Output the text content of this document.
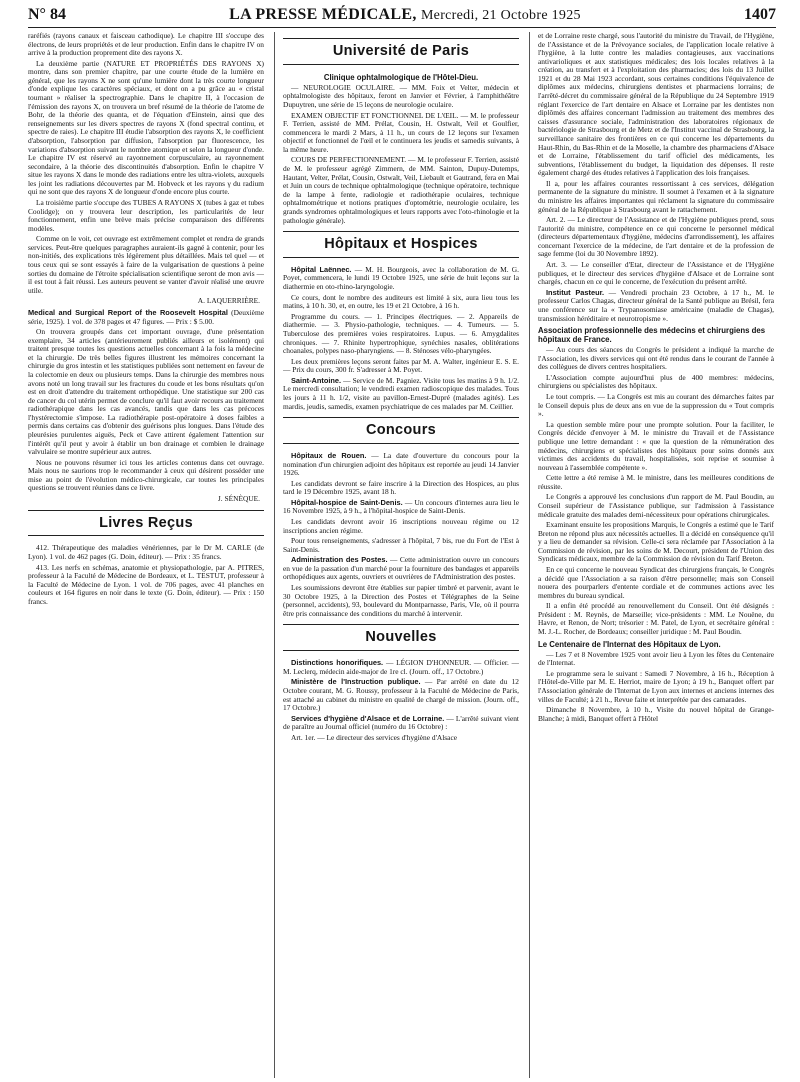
N° 84	LA PRESSE MÉDICALE, Mercredi, 21 Octobre 1925	1407

raréfiés (rayons canaux et faisceau cathodique). Le chapitre III s'occupe des électrons, de leurs propriétés et de leur production. Enfin dans le chapitre IV on arrive à la production proprement dite des rayons X.

La deuxième partie (NATURE ET PROPRIÉTÉS DES RAYONS X) montre, dans son premier chapitre, par une courte étude de la lumière en général, que les rayons X ne sont qu'une lumière dont la très courte longueur d'onde explique les caractères spéciaux, et dont on a pu grâce au « cristal tournant » réaliser la spectrographie. Dans le chapitre II, à l'occasion de l'émission des rayons X, on trouvera un bref résumé de la théorie de l'atome de Bohr, de la théorie des quanta, et de l'équation d'Einstein, ainsi que des renseignements sur les divers spectres de rayons X (fond spectral continu, et spectre de raies). Le chapitre III étudie l'absorption des rayons X, le coefficient d'absorption, l'absorption par diffusion, l'absorption par fluorescence, les variations d'absorption suivant le nombre atomique et selon la longueur d'onde. Le chapitre IV est réservé au rayonnement corpusculaire, au rayonnement secondaire, à la théorie des discontinuités d'absorption. Enfin le chapitre V situe les rayons X dans le monde des radiations entre les ultra-violets, auxquels les joint les radiations découvertes par M. Hobveck et les rayons γ du radium qui ne sont que des rayons X de longueur d'onde encore plus courte.

La troisième partie s'occupe des TUBES A RAYONS X (tubes à gaz et tubes Coolidge); on y trouvera leur description, les particularités de leur fonctionnement, enfin une brève mais précise comparaison des différents modèles.

Comme on le voit, cet ouvrage est extrêmement complet et rendra de grands services. Peut-être quelques paragraphes auraient-ils gagné à contenir, pour les non-initiés, des explications très légèrement plus détaillées. Mais tel quel — et tous ceux qui se sont essayés à faire de la vulgarisation de questions à peine sorties du domaine de l'étroite spécialisation scientifique seront de mon avis — il est tout à fait réussi. Les auteurs peuvent se vanter d'avoir réalisé une œuvre utile.

A. LAQUERRIÈRE.

Medical and Surgical Report of the Roosevelt Hospital (Deuxième série, 1925). 1 vol. de 378 pages et 47 figures. — Prix : $ 5.00.

On trouvera groupés dans cet important ouvrage, d'une présentation exemplaire, 34 articles (antérieurement publiés ailleurs et isolément) qui traitent presque toutes les questions actuelles concernant à la fois la médecine et la chirurgie. De très belles figures illustrent les mémoires concernant la chirurgie du gros intestin et les statistiques publiées sont nettement en faveur de la colectomie en deux ou plusieurs temps. Dans la chirurgie des membres nous avons noté un long travail sur les fractures du coude et les bons résultats qu'on est en droit d'attendre du traitement orthopédique. Une statistique sur 200 cas de cancer du col utérin permet de conclure qu'il faut avoir recours au traitement radiothérapique dans les cas avancés, tandis que dans les cas précoces l'hystérectomie s'impose. La radiothérapie post-opératoire à doses faibles a permis dans certains cas d'obtenir des guérisons plus longues. Dans l'étude des pleurésies purulentes aiguës, Peck et Cave attirent également l'attention sur l'intérêt qu'il peut y avoir à établir un bon drainage et combien le drainage valvulaire se montre supérieur aux autres.

Nous ne pouvons résumer ici tous les articles contenus dans cet ouvrage. Mais nous ne saurions trop le recommander à ceux qui désirent posséder une mise au point de l'évolution médico-chirurgicale, car toutes les principales questions se trouvent réunies dans ce livre.

J. SÉNÈQUE.
Livres Reçus

412. Thérapeutique des maladies vénériennes, par le Dr M. CARLE (de Lyon). 1 vol. de 462 pages (G. Doin, éditeur). — Prix : 35 francs.

413. Les nerfs en schémas, anatomie et physiopathologie, par A. PITRES, professeur à la Faculté de Médecine de Bordeaux, et L. TESTUT, professeur à la Faculté de Médecine de Lyon. 1 vol. de 706 pages, avec 41 planches en couleurs et 164 figures en noir dans le texte (G. Doin, éditeur). — Prix : 150 francs.

Université de Paris
Clinique ophtalmologique de l'Hôtel-Dieu.

— NEUROLOGIE OCULAIRE. — MM. Foix et Velter, médecin et ophtalmologiste des hôpitaux, feront en Janvier et Février, à l'amphithéâtre Dupuytren, une série de 15 leçons de neurologie oculaire.

EXAMEN OBJECTIF ET FONCTIONNEL DE L'ŒIL. — M. le professeur F. Terrien, assisté de MM. Prélat, Cousin, H. Ostwalt, Veil et Goulfier, commencera le mardi 2 Mars, à 11 h., un cours de 12 leçons sur l'examen objectif et fonctionnel de l'œil et le continuera les jeudis et samedis suivants, à la même heure.

COURS DE PERFECTIONNEMENT. — M. le professeur F. Terrien, assisté de M. le professeur agrégé Zimmern, de MM. Sainton, Dupuy-Dutemps, Hautant, Velter, Prélat, Cousin, Ostwalt, Veil, Liebault et Gautrand, fera en Mai et Juin un cours de technique ophtalmologique (technique opératoire, technique de la lampe à fente, radiologie et radiothérapie oculaires, technique ophtalmométrique et notions pratiques d'optométrie, neurologie oculaire, les grands syndromes ophtalmologiques et leurs rapports avec l'oto-rhinologie et la pathologie générale).

Hôpitaux et Hospices

Hôpital Laënnec. — M. H. Bourgeois, avec la collaboration de M. G. Poyet, commencera, le lundi 19 Octobre 1925, une série de huit leçons sur la diathermie en oto-rhino-laryngologie.

Ce cours, dont le nombre des auditeurs est limité à six, aura lieu tous les matins, à 10 h. 30, et, en outre, les 19 et 21 Octobre, à 16 h.

Programme du cours. — 1. Principes électriques. — 2. Appareils de diathermie. — 3. Physio-pathologie, techniques. — 4. Tumeurs. — 5. Tuberculose des premières voies respiratoires. Lupus. — 6. Amygdalites chroniques. — 7. Rhinite hypertrophique, synéchies nasales, oblitérations choanales, polypes naso-pharyngiens. — 8. Sténoses vélo-pharyngées.

Les deux premières leçons seront faites par M. A. Walter, ingénieur E. S. E. — Prix du cours, 300 fr. S'adresser à M. Poyet.

Saint-Antoine. — Service de M. Pagniez. Visite tous les matins à 9 h. 1/2. Le mercredi consultation; le vendredi examen radioscopique des malades. Tous les jours à 11 h. 1/2, visite au pavillon-Ernest-Dupré (malades agités). Les mardis, jeudis, samedis, examen psychiatrique de ces malades par M. Ceillier.

Concours

Hôpitaux de Rouen. — La date d'ouverture du concours pour la nomination d'un chirurgien adjoint des hôpitaux est reportée au jeudi 14 Janvier 1926.

Les candidats devront se faire inscrire à la Direction des Hospices, au plus tard le 19 Décembre 1925, avant 18 h.

Hôpital-hospice de Saint-Denis. — Un concours d'internes aura lieu le 16 Novembre 1925, à 9 h., à l'hôpital-hospice de Saint-Denis.

Les candidats devront avoir 16 inscriptions nouveau régime ou 12 inscriptions ancien régime.

Pour tous renseignements, s'adresser à l'hôpital, 7 bis, rue du Fort de l'Est à Saint-Denis.

Administration des Postes. — Cette administration ouvre un concours en vue de la passation d'un marché pour la fourniture des bandages et appareils orthopédiques aux agents, ouvriers et ouvrières de l'Administration des postes.

Les soumissions devront être établies sur papier timbré et parvenir, avant le 30 Octobre 1925, à la Direction des Postes et Télégraphes de la Seine (personnel, accidents), 93, boulevard du Montparnasse, Paris, VIe, où il pourra être pris connaissance des conditions du marché à intervenir.

Nouvelles

Distinctions honorifiques. — LÉGION D'HONNEUR. — Officier. — M. Leclerq, médecin aide-major de 1re cl. (Journ. off., 17 Octobre.)

Ministère de l'Instruction publique. — Par arrêté en date du 12 Octobre courant, M. G. Roussy, professeur à la Faculté de Médecine de Paris, est attaché au cabinet du ministre en qualité de chargé de mission. (Journ. off., 17 Octobre.)

Services d'hygiène d'Alsace et de Lorraine. — L'arrêté suivant vient de paraître au Journal officiel (numéro du 16 Octobre) :

Art. 1er. — Le directeur des services d'hygiène d'Alsace

et de Lorraine reste chargé, sous l'autorité du ministre du Travail, de l'Hygiène, de l'Assistance et de la Prévoyance sociales, de l'application locale relative à l'hygiène, à la lutte contre les maladies contagieuses, aux vaccinations antivarioliques et aux statistiques médicales; des lois locales relatives à la création, au transfert et à l'exploitation des pharmacies; des lois du 13 Juillet 1921 et du 28 Mai 1923 accordant, sous certaines conditions l'équivalence de diplômes aux médecins, chirurgiens dentistes et pharmaciens lorrains; de l'arrêté-décret du commissaire général de la République du 24 Septembre 1919 réglant l'exercice de l'art dentaire en Alsace et Lorraine par les dentistes non diplômés des affaires concernant l'admission au traitement des membres des caisses d'assurance sociale, l'administration des laboratoires régionaux de bactériologie de Strasbourg et de Metz et de l'Institut vaccinal de Strasbourg, la surveillance sanitaire des frontières en ce qui concerne les départements du Haut-Rhin, du Bas-Rhin et de la Moselle, la chambre des pharmaciens d'Alsace et de Lorraine, l'établissement du tarif officiel des médicaments, les subventions, l'établissement du budget, la liquidation des dépenses. Il reste également chargé des études relatives à l'application des lois françaises.

Il a, pour les affaires courantes ressortissant à ces services, délégation permanente de la signature du ministre. Il soumet à l'examen et à la signature du ministre les affaires importantes qui réclament la signature du commissaire général de la République à Strasbourg avant le rattachement.

Art. 2. — Le directeur de l'Assistance et de l'Hygiène publiques prend, sous l'autorité du ministre, compétence en ce qui concerne le personnel médical (directeurs départementaux d'hygiène, médecins d'arrondissement), les affaires concernant l'exercice de la médecine, de l'art dentaire et de la profession de sage femme (loi du 30 Novembre 1892).

Art. 3. — Le conseiller d'Etat, directeur de l'Assistance et de l'Hygiène publiques, et le directeur des services d'hygiène d'Alsace et de Lorraine sont chargés, chacun en ce qui le concerne, de l'exécution du présent arrêté.

Institut Pasteur. — Vendredi prochain 23 Octobre, à 17 h., M. le professeur Carlos Chagas, directeur général de la Santé publique au Brésil, fera une conférence sur la « Trypanosomiase américaine (maladie de Chagas), transmission héréditaire et neurotropisme ».

Association professionnelle des médecins et chirurgiens des hôpitaux de France.

— Au cours des séances du Congrès le président a indiqué la marche de l'Association, les divers services qui ont été rendus dans le courant de l'année à des collègues de divers centres hospitaliers.

L'Association compte aujourd'hui plus de 400 membres: médecins, chirurgiens ou spécialistes des hôpitaux.

Le tout compris. — La Congrès est mis au courant des démarches faites par le Conseil depuis plus de deux ans en vue de la suppression du « Tout compris ».

La question semble mûre pour une prompte solution. Pour la faciliter, le Congrès décide d'envoyer à M. le ministre du Travail et de l'Assistance publique une lettre demandant : « que la question de la rémunération des médecins, chirurgiens et spécialistes des hôpitaux pour soins donnés aux victimes des accidents du travail, hospitalisées, soit reprise et soumise à nouveau à l'assemblée compétente ».

Cette lettre a été remise à M. le ministre, dans les meilleures conditions de réussite.

Le Congrès a approuvé les conclusions d'un rapport de M. Paul Boudin, au Conseil supérieur de l'Assistance publique, sur l'admission à l'assistance médicale gratuite des malades demi-nécessiteux pour opérations chirurgicales.

Examinant ensuite les propositions Marquis, le Congrès a estimé que le Tarif Breton ne répond plus aux nécessités actuelles. Il a décidé en conséquence qu'il y a lieu de demander sa révision. Celle-ci sera réclamée par l'Association à la Commission de révision, par les soins de M. Decourt, président de l'Union des Syndicats médicaux, membre de la Commission de révision du Tarif Breton.

En ce qui concerne le nouveau Syndicat des chirurgiens français, le Congrès a décidé que l'Association a sa raison d'être personnelle; mais son Conseil nouera des pourparlers d'entente cordiale et de communes actions avec les membres du bureau syndical.

Il a enfin été procédé au renouvellement du Conseil. Ont été désignés : Président : M. Reynès, de Marseille; vice-présidents : MM. Le Nouëne, du Havre, et Renon, de Nort; trésorier : M. Patel, de Lyon, et secrétaire général : M. J.-L. Rocher, de Bordeaux; conseiller juridique : M. Paul Boudin.

Le Centenaire de l'Internat des Hôpitaux de Lyon.

— Les 7 et 8 Novembre 1925 vont avoir lieu à Lyon les fêtes du Centenaire de l'Internat.

Le programme sera le suivant : Samedi 7 Novembre, à 16 h., Réception à l'Hôtel-de-Ville par M. E. Herriot, maire de Lyon; à 19 h., Banquet offert par l'Association générale de l'Internat de Lyon aux internes et anciens internes des villes de Faculté; à 21 h., Revue faite et interprétée par des camarades.

Dimanche 8 Novembre, à 10 h., Visite du nouvel hôpital de Grange-Blanche; à midi, Banquet offert à l'Hôtel
